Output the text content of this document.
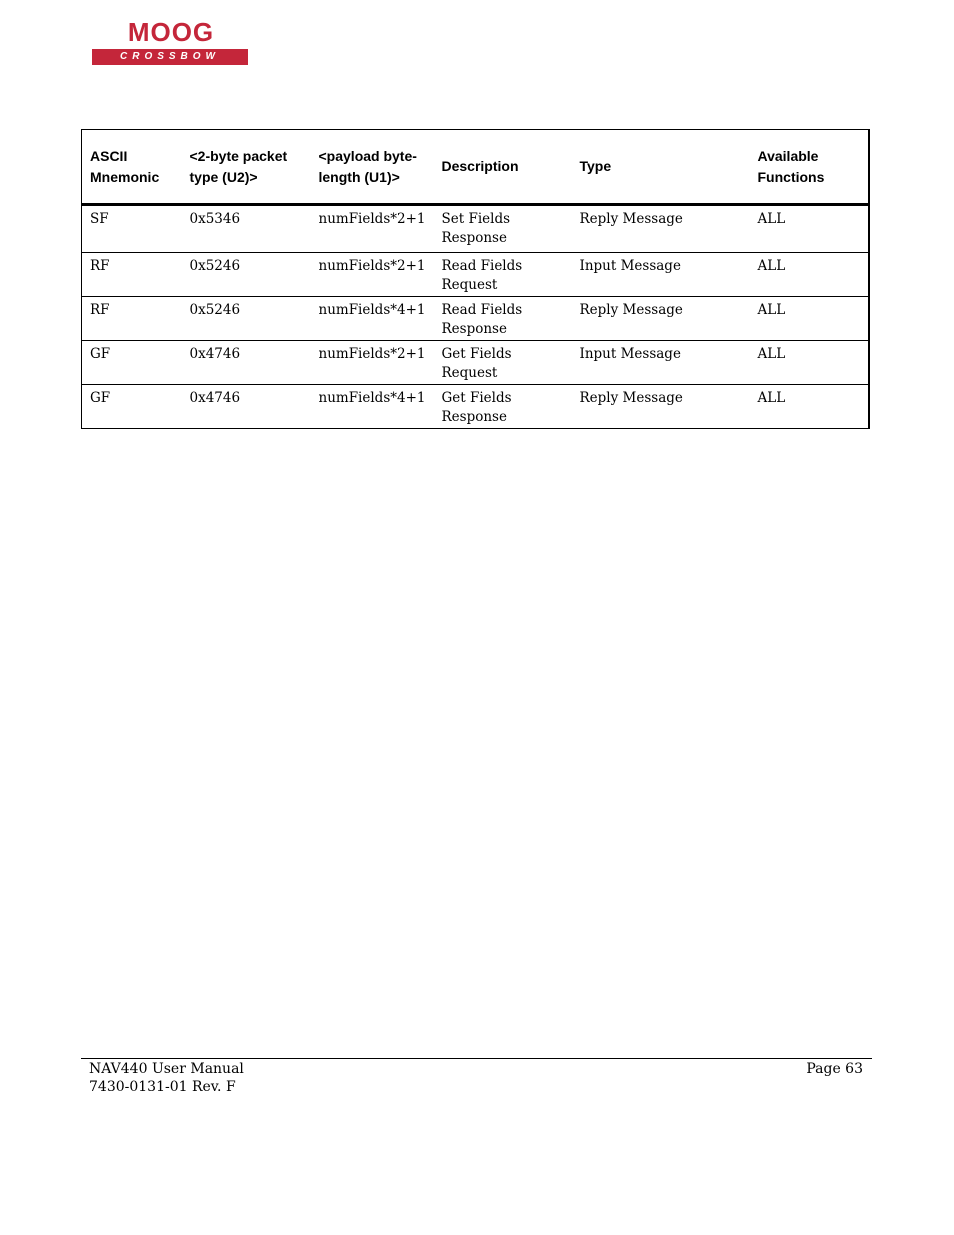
MOOG
CROSSBOW
ASCII Mnemonic	<2-byte packet type (U2)>	<payload byte-length (U1)>	Description	Type	Available Functions
SF	0x5346	numFields*2+1	Set Fields Response	Reply Message	ALL
RF	0x5246	numFields*2+1	Read Fields Request	Input Message	ALL
RF	0x5246	numFields*4+1	Read Fields Response	Reply Message	ALL
GF	0x4746	numFields*2+1	Get Fields Request	Input Message	ALL
GF	0x4746	numFields*4+1	Get Fields Response	Reply Message	ALL
NAV440 User Manual
7430-0131-01 Rev. F
Page 63
